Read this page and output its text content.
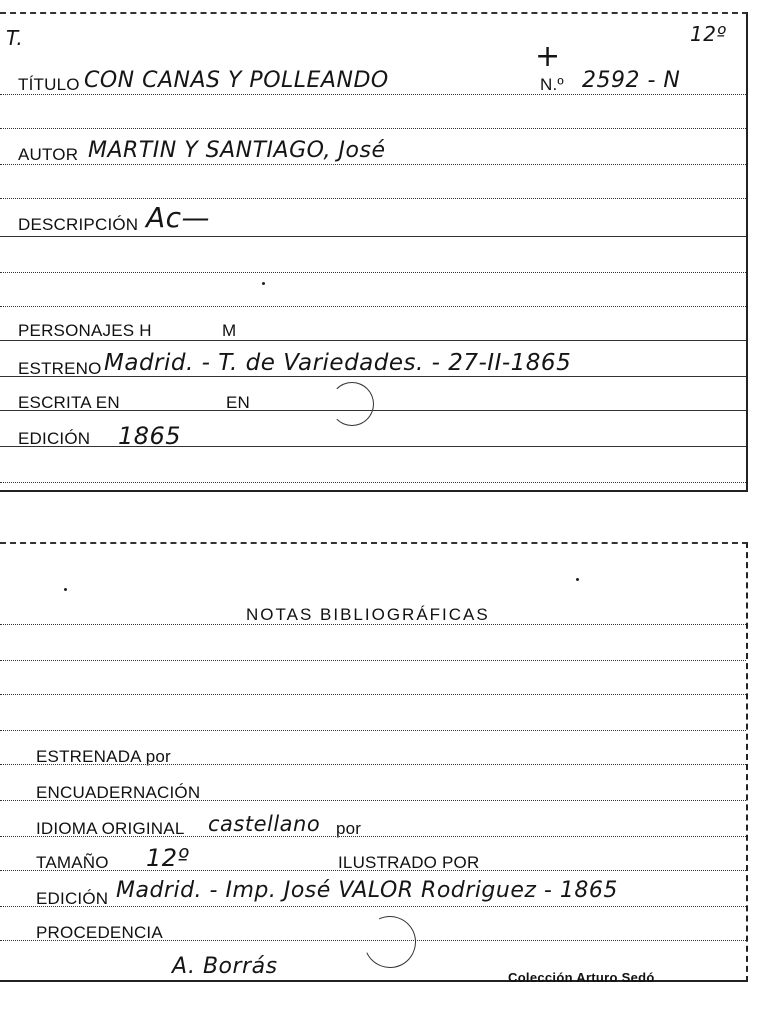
T.	12º
+
TÍTULO CON CANAS Y POLLEANDO	N.º 2592 - N
AUTOR MARTIN Y SANTIAGO, José
DESCRIPCIÓN Ac—
PERSONAJES H	M
ESTRENO Madrid. - T. de Variedades. - 27-II-1865
ESCRITA EN	EN
EDICIÓN 1865
NOTAS BIBLIOGRÁFICAS
ESTRENADA por
ENCUADERNACIÓN
IDIOMA ORIGINAL castellano por
TAMAÑO 12º	ILUSTRADO POR
EDICIÓN Madrid. - Imp. José VALOR Rodriguez - 1865
PROCEDENCIA
A. Borrás	Colección Arturo Sedó
